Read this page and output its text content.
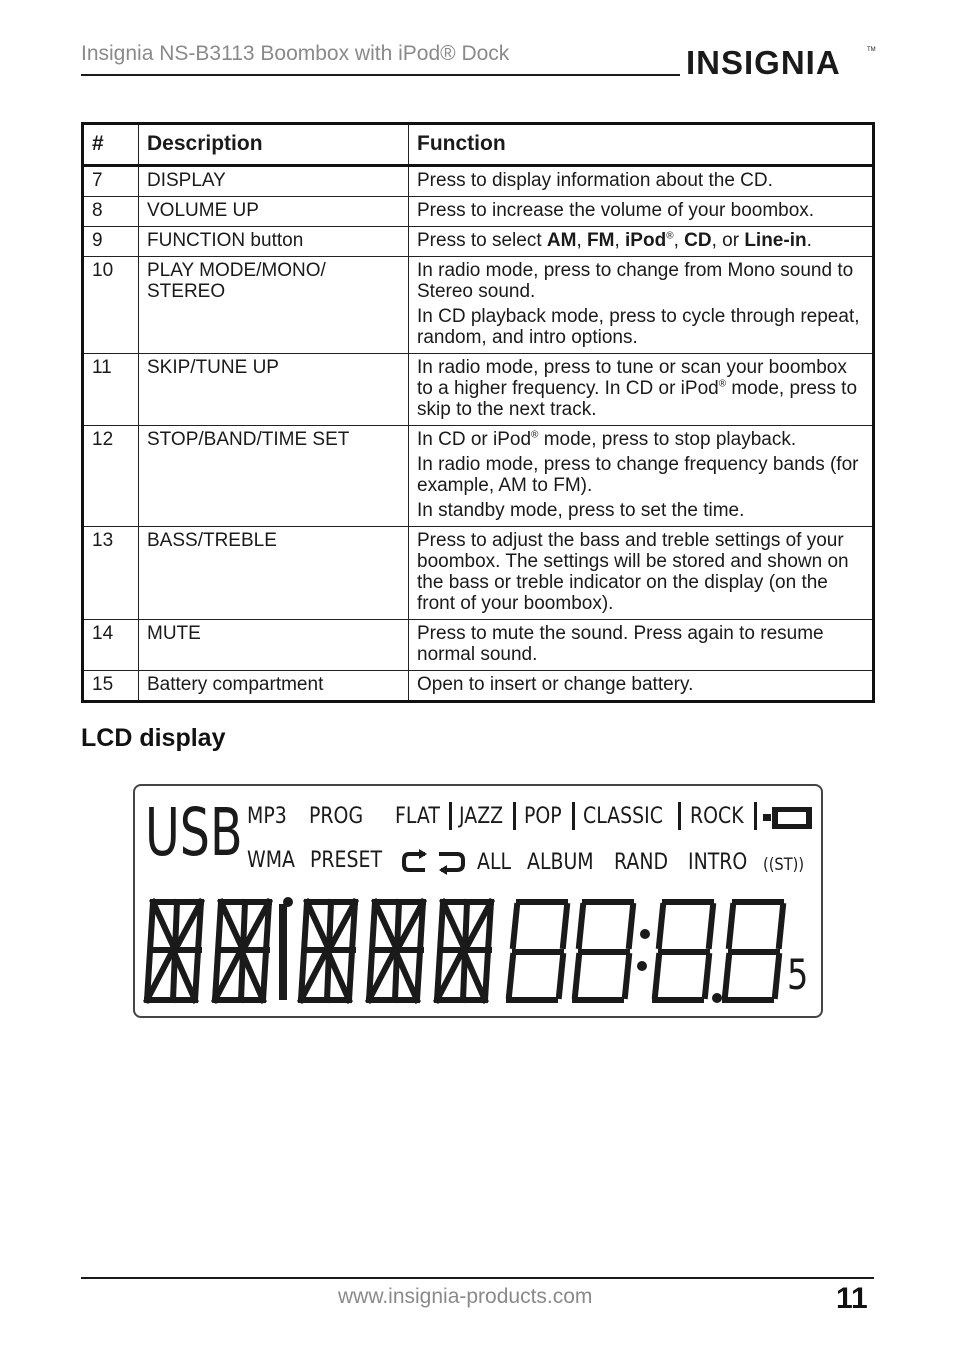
Insignia NS-B3113 Boombox with iPod® Dock	INSIGNIA	TM
#	Description	Function
7	DISPLAY	Press to display information about the CD.

8	VOLUME UP	Press to increase the volume of your boombox.

9	FUNCTION button	Press to select AM, FM, iPod®, CD, or Line-in.

10	PLAY MODE/MONO/ STEREO	In radio mode, press to change from Mono sound to Stereo sound.
In CD playback mode, press to cycle through repeat, random, and intro options.

11	SKIP/TUNE UP	In radio mode, press to tune or scan your boombox to a higher frequency. In CD or iPod® mode, press to skip to the next track.

12	STOP/BAND/TIME SET	In CD or iPod® mode, press to stop playback.
In radio mode, press to change frequency bands (for example, AM to FM).
In standby mode, press to set the time.

13	BASS/TREBLE	Press to adjust the bass and treble settings of your boombox. The settings will be stored and shown on the bass or treble indicator on the display (on the front of your boombox).

14	MUTE	Press to mute the sound. Press again to resume normal sound.

15	Battery compartment	Open to insert or change battery.
LCD display
USB MP3 PROG FLAT JAZZ POP CLASSIC ROCK
WMA PRESET	ALL ALBUM RAND INTRO ((ST))
5
www.insignia-products.com	11
